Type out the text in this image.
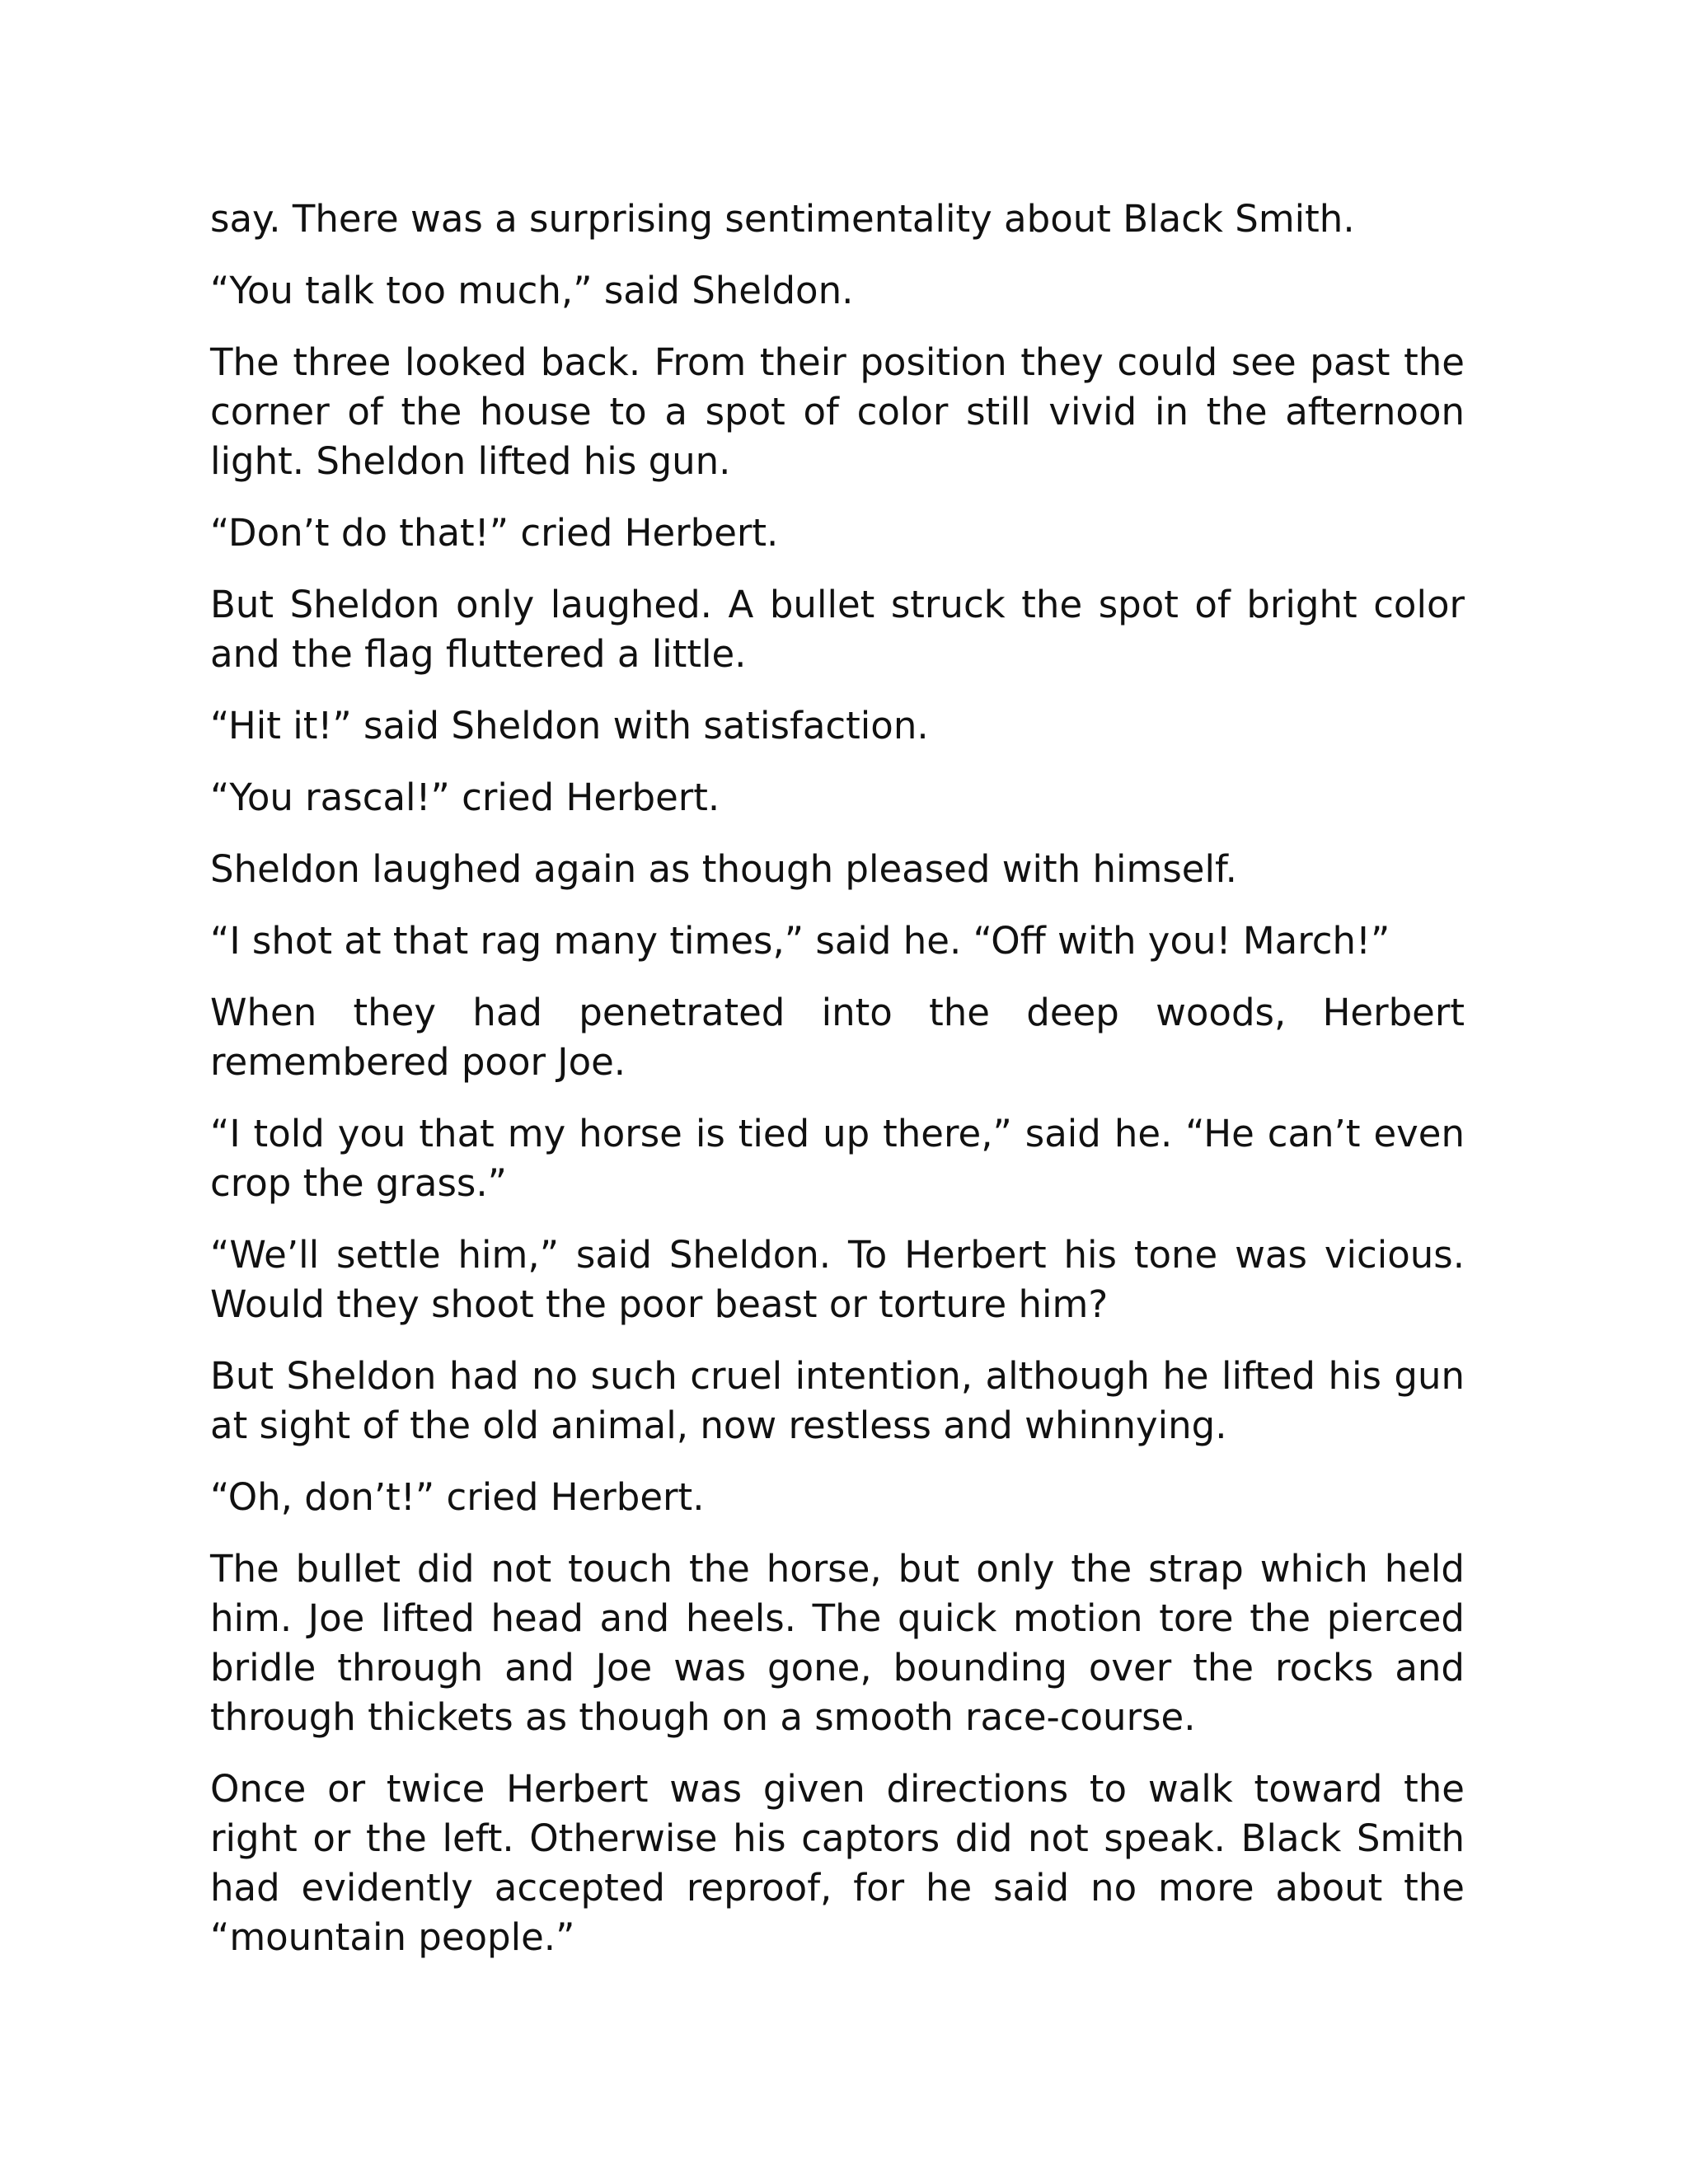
say. There was a surprising sentimentality about Black Smith.

“You talk too much,” said Sheldon.

The three looked back. From their position they could see past the corner of the house to a spot of color still vivid in the afternoon light. Sheldon lifted his gun.

“Don’t do that!” cried Herbert.

But Sheldon only laughed. A bullet struck the spot of bright color and the flag fluttered a little.

“Hit it!” said Sheldon with satisfaction.

“You rascal!” cried Herbert.

Sheldon laughed again as though pleased with himself.

“I shot at that rag many times,” said he. “Off with you! March!”

When they had penetrated into the deep woods, Herbert remembered poor Joe.

“I told you that my horse is tied up there,” said he. “He can’t even crop the grass.”

“We’ll settle him,” said Sheldon. To Herbert his tone was vicious. Would they shoot the poor beast or torture him?

But Sheldon had no such cruel intention, although he lifted his gun at sight of the old animal, now restless and whinnying.

“Oh, don’t!” cried Herbert.

The bullet did not touch the horse, but only the strap which held him. Joe lifted head and heels. The quick motion tore the pierced bridle through and Joe was gone, bounding over the rocks and through thickets as though on a smooth race-course.

Once or twice Herbert was given directions to walk toward the right or the left. Otherwise his captors did not speak. Black Smith had evidently accepted reproof, for he said no more about the “mountain people.”
